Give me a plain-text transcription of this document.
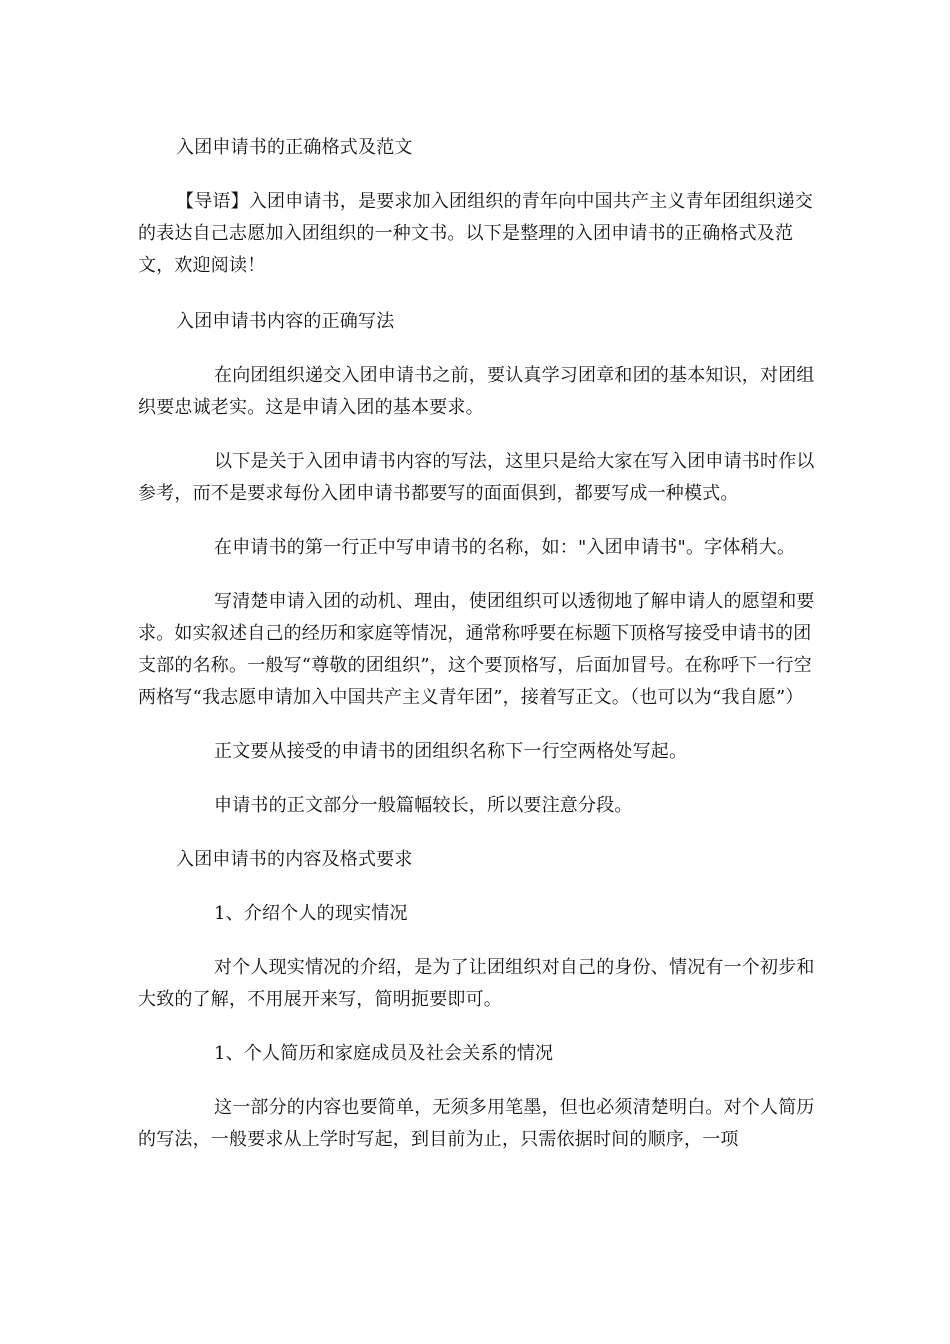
入团申请书的正确格式及范文

【导语】入团申请书，是要求加入团组织的青年向中国共产主义青年团组织递交的表达自己志愿加入团组织的一种文书。以下是整理的入团申请书的正确格式及范文，欢迎阅读！

入团申请书内容的正确写法

在向团组织递交入团申请书之前，要认真学习团章和团的基本知识，对团组织要忠诚老实。这是申请入团的基本要求。

以下是关于入团申请书内容的写法，这里只是给大家在写入团申请书时作以参考，而不是要求每份入团申请书都要写的面面俱到，都要写成一种模式。

在申请书的第一行正中写申请书的名称，如："入团申请书"。字体稍大。

写清楚申请入团的动机、理由，使团组织可以透彻地了解申请人的愿望和要求。如实叙述自己的经历和家庭等情况，通常称呼要在标题下顶格写接受申请书的团支部的名称。一般写“尊敬的团组织”，这个要顶格写，后面加冒号。在称呼下一行空两格写“我志愿申请加入中国共产主义青年团”，接着写正文。（也可以为“我自愿”）

正文要从接受的申请书的团组织名称下一行空两格处写起。

申请书的正文部分一般篇幅较长，所以要注意分段。

入团申请书的内容及格式要求

1、介绍个人的现实情况

对个人现实情况的介绍，是为了让团组织对自己的身份、情况有一个初步和大致的了解，不用展开来写，简明扼要即可。

1、个人简历和家庭成员及社会关系的情况

这一部分的内容也要简单，无须多用笔墨，但也必须清楚明白。对个人简历的写法，一般要求从上学时写起，到目前为止，只需依据时间的顺序，一项
